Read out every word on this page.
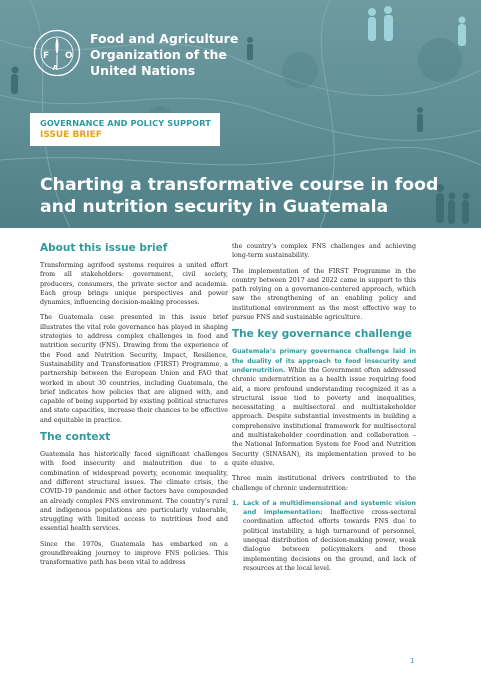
F
A
O
Food and Agriculture
Organization of the
United Nations
GOVERNANCE AND POLICY SUPPORT
ISSUE BRIEF
Charting a transformative course in food
and nutrition security in Guatemala
About this issue brief

Transforming agrifood systems requires a united effort from all stakeholders: government, civil society, producers, consumers, the private sector and academia. Each group brings unique perspectives and power dynamics, influencing decision-making processes.

The Guatemala case presented in this issue brief illustrates the vital role governance has played in shaping strategies to address complex challenges in food and nutrition security (FNS). Drawing from the experience of the Food and Nutrition Security, Impact, Resilience, Sustainability and Transformation (FIRST) Programme, a partnership between the European Union and FAO that worked in about 30 countries, including Guatemala, the brief indicates how policies that are aligned with, and capable of being supported by existing political structures and state capacities, increase their chances to be effective and equitable in practice.

The context

Guatemala has historically faced significant challenges with food insecurity and malnutrition due to a combination of widespread poverty, economic inequality, and different structural issues. The climate crisis, the COVID-19 pandemic and other factors have compounded an already complex FNS environment. The country’s rural and indigenous populations are particularly vulnerable, struggling with limited access to nutritious food and essential health services.

Since the 1970s, Guatemala has embarked on a groundbreaking journey to improve FNS policies. This transformative path has been vital to address

the country’s complex FNS challenges and achieving long-term sustainability.

The implementation of the FIRST Programme in the country between 2017 and 2022 came in support to this path relying on a governance-centered approach, which saw the strengthening of an enabling policy and institutional environment as the most effective way to pursue FNS and sustainable agriculture.

The key governance challenge

Guatemala’s primary governance challenge laid in the duality of its approach to food insecurity and undernutrition. While the Government often addressed chronic undernutrition as a health issue requiring food aid, a more profound understanding recognized it as a structural issue tied to poverty and inequalities, necessitating a multisectoral and multistakeholder approach. Despite substantial investments in building a comprehensive institutional framework for multisectoral and multistakeholder coordination and collaboration – the National Information System for Food and Nutrition Security (SINASAN), its implementation proved to be quite elusive.

Three main institutional drivers contributed to the challenge of chronic undernutrition:

1. Lack of a multidimensional and systemic vision and implementation: Ineffective cross-sectoral coordination affected efforts towards FNS due to political instability, a high turnaround of personnel, unequal distribution of decision-making power, weak dialogue between policymakers and those implementing decisions on the ground, and lack of resources at the local level.
1
